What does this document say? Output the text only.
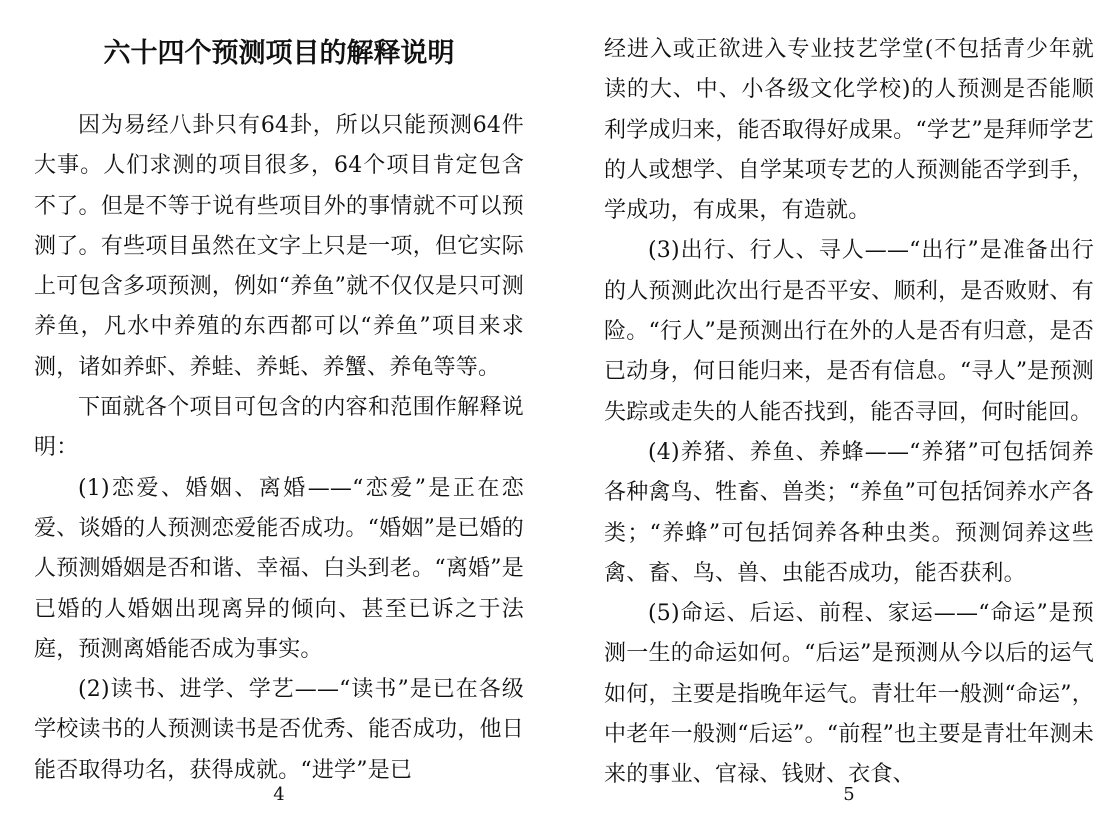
六十四个预测项目的解释说明

因为易经八卦只有64卦，所以只能预测64件大事。人们求测的项目很多，64个项目肯定包含不了。但是不等于说有些项目外的事情就不可以预测了。有些项目虽然在文字上只是一项，但它实际上可包含多项预测，例如“养鱼”就不仅仅是只可测养鱼，凡水中养殖的东西都可以“养鱼”项目来求测，诸如养虾、养蛙、养蚝、养蟹、养龟等等。

下面就各个项目可包含的内容和范围作解释说明：

(1)恋爱、婚姻、离婚——“恋爱”是正在恋爱、谈婚的人预测恋爱能否成功。“婚姻”是已婚的人预测婚姻是否和谐、幸福、白头到老。“离婚”是已婚的人婚姻出现离异的倾向、甚至已诉之于法庭，预测离婚能否成为事实。

(2)读书、进学、学艺——“读书”是已在各级学校读书的人预测读书是否优秀、能否成功，他日能否取得功名，获得成就。“进学”是已

4

经进入或正欲进入专业技艺学堂(不包括青少年就读的大、中、小各级文化学校)的人预测是否能顺利学成归来，能否取得好成果。“学艺”是拜师学艺的人或想学、自学某项专艺的人预测能否学到手，学成功，有成果，有造就。

(3)出行、行人、寻人——“出行”是准备出行的人预测此次出行是否平安、顺利，是否败财、有险。“行人”是预测出行在外的人是否有归意，是否已动身，何日能归来，是否有信息。“寻人”是预测失踪或走失的人能否找到，能否寻回，何时能回。

(4)养猪、养鱼、养蜂——“养猪”可包括饲养各种禽鸟、牲畜、兽类；“养鱼”可包括饲养水产各类；“养蜂”可包括饲养各种虫类。预测饲养这些禽、畜、鸟、兽、虫能否成功，能否获利。

(5)命运、后运、前程、家运——“命运”是预测一生的命运如何。“后运”是预测从今以后的运气如何，主要是指晚年运气。青壮年一般测“命运”，中老年一般测“后运”。“前程”也主要是青壮年测未来的事业、官禄、钱财、衣食、

5
